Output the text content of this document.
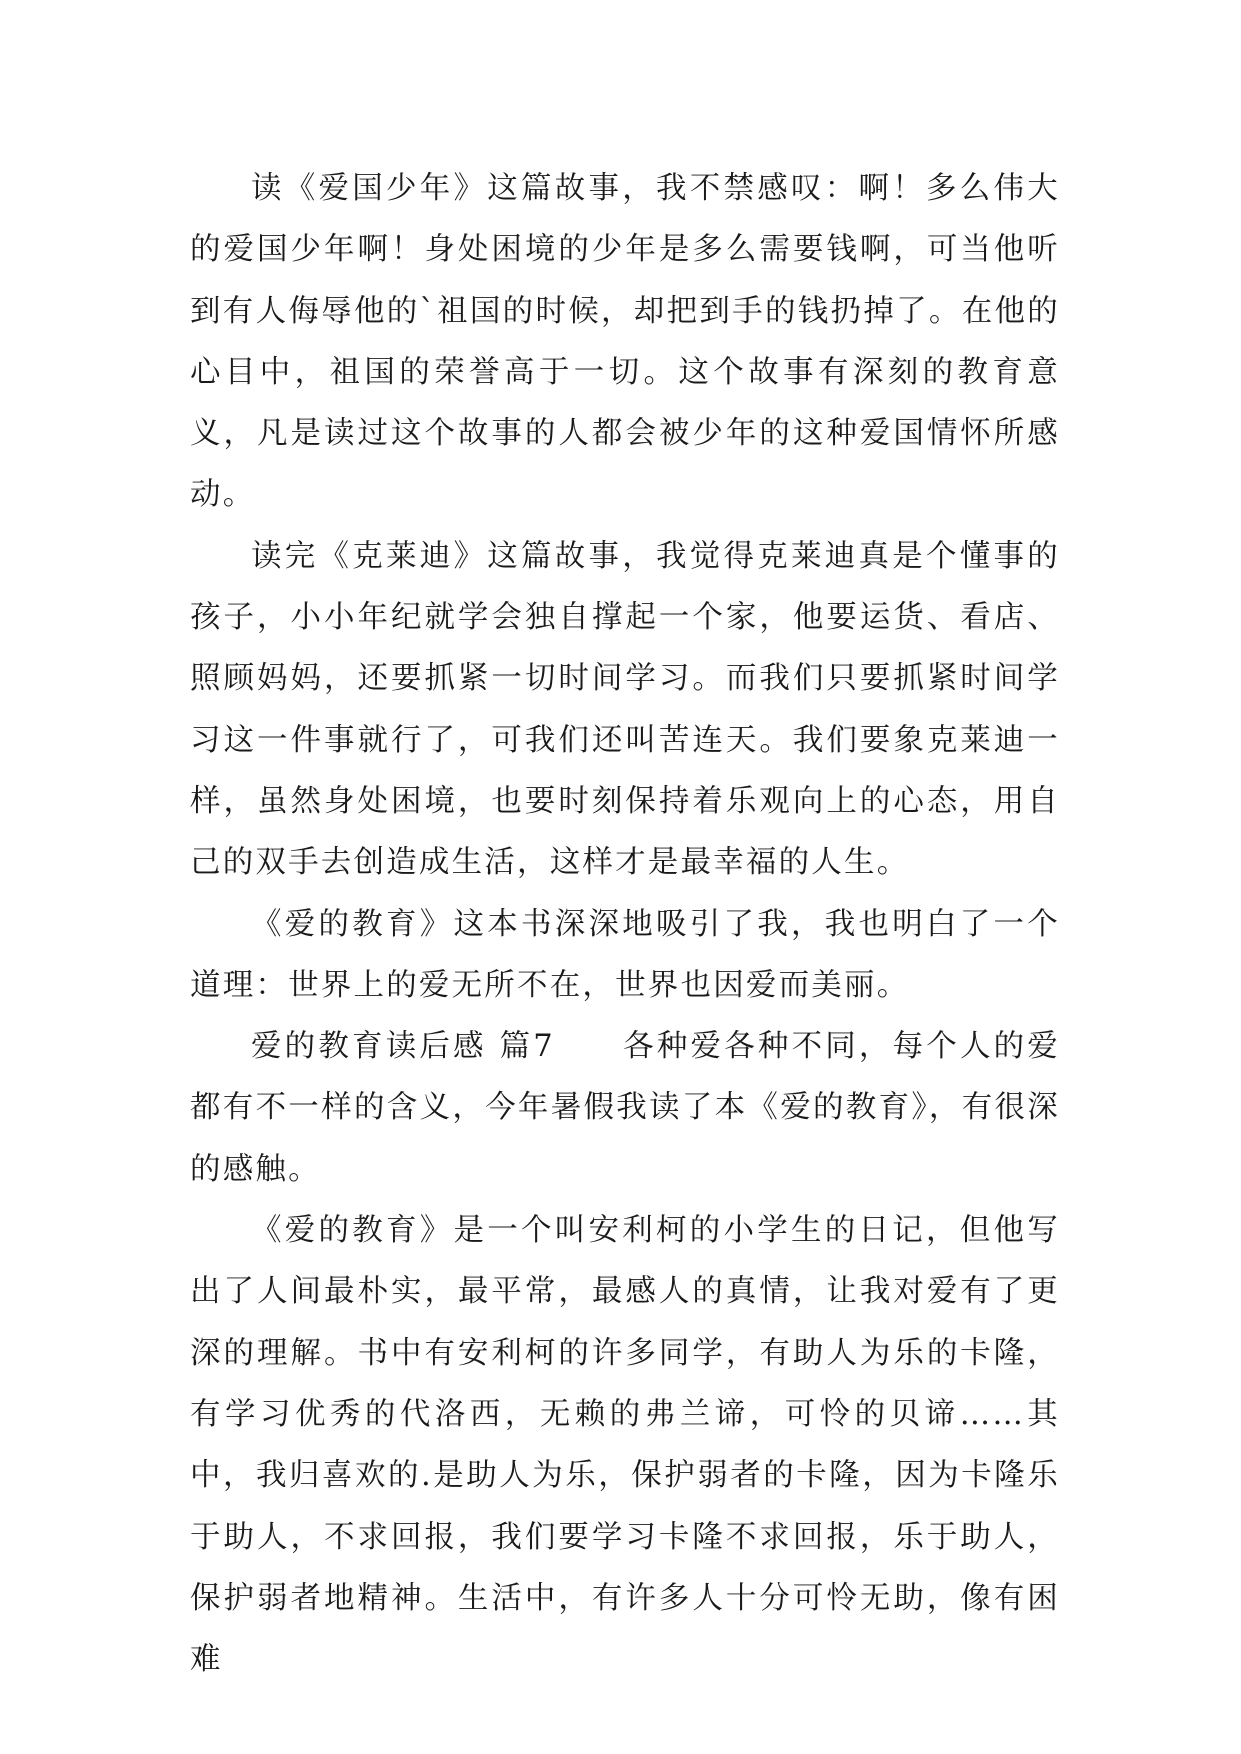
读《爱国少年》这篇故事，我不禁感叹：啊！多么伟大的爱国少年啊！身处困境的少年是多么需要钱啊，可当他听到有人侮辱他的`祖国的时候，却把到手的钱扔掉了。在他的心目中，祖国的荣誉高于一切。这个故事有深刻的教育意义，凡是读过这个故事的人都会被少年的这种爱国情怀所感动。

读完《克莱迪》这篇故事，我觉得克莱迪真是个懂事的孩子，小小年纪就学会独自撑起一个家，他要运货、看店、照顾妈妈，还要抓紧一切时间学习。而我们只要抓紧时间学习这一件事就行了，可我们还叫苦连天。我们要象克莱迪一样，虽然身处困境，也要时刻保持着乐观向上的心态，用自己的双手去创造成生活，这样才是最幸福的人生。

《爱的教育》这本书深深地吸引了我，我也明白了一个道理：世界上的爱无所不在，世界也因爱而美丽。

爱的教育读后感 篇7　　各种爱各种不同，每个人的爱都有不一样的含义，今年暑假我读了本《爱的教育》，有很深的感触。

《爱的教育》是一个叫安利柯的小学生的日记，但他写出了人间最朴实，最平常，最感人的真情，让我对爱有了更深的理解。书中有安利柯的许多同学，有助人为乐的卡隆，有学习优秀的代洛西，无赖的弗兰谛，可怜的贝谛……其中，我归喜欢的.是助人为乐，保护弱者的卡隆，因为卡隆乐于助人，不求回报，我们要学习卡隆不求回报，乐于助人，保护弱者地精神。生活中，有许多人十分可怜无助，像有困难
